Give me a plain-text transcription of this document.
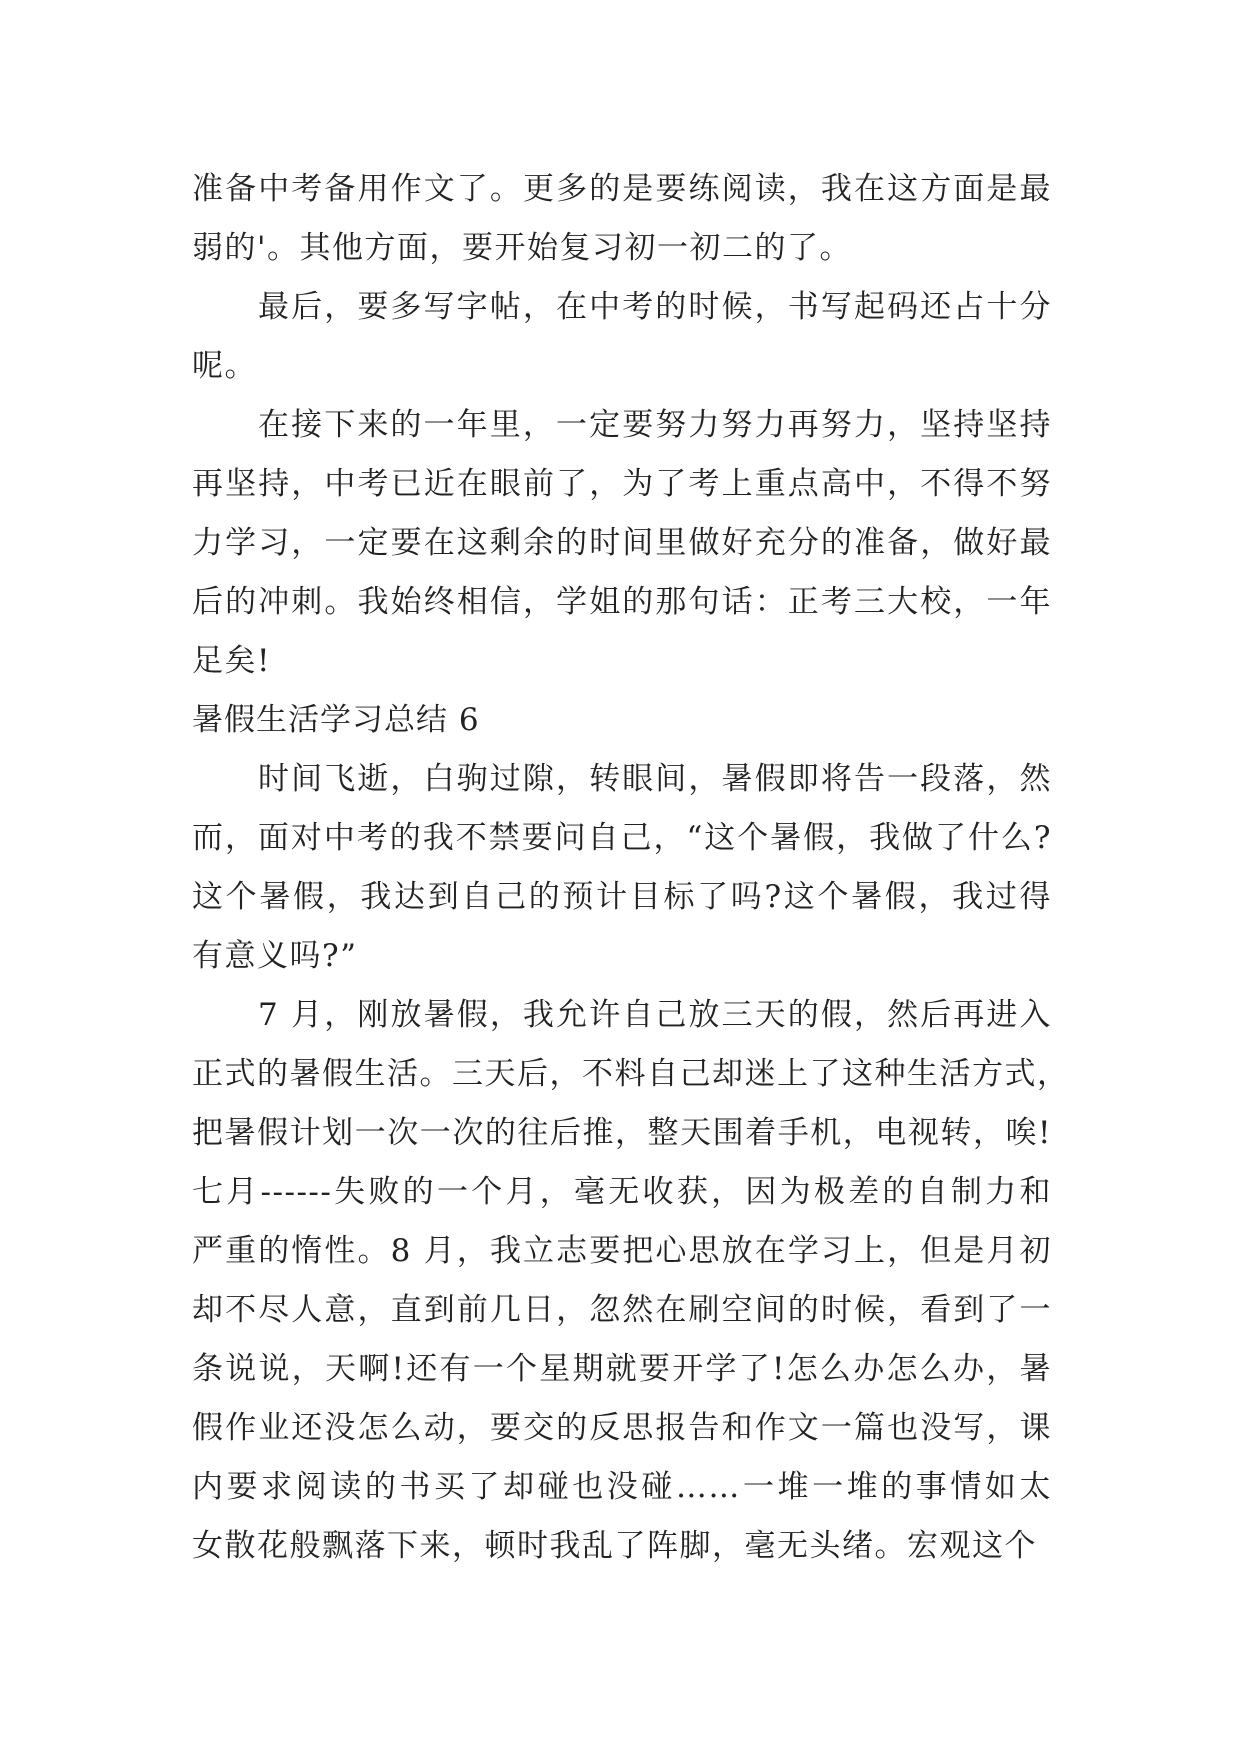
准备中考备用作文了。更多的是要练阅读，我在这方面是最
弱的'。其他方面，要开始复习初一初二的了。
最后，要多写字帖，在中考的时候，书写起码还占十分
呢。
在接下来的一年里，一定要努力努力再努力，坚持坚持
再坚持，中考已近在眼前了，为了考上重点高中，不得不努
力学习，一定要在这剩余的时间里做好充分的准备，做好最
后的冲刺。我始终相信，学姐的那句话：正考三大校，一年
足矣!
暑假生活学习总结 6
时间飞逝，白驹过隙，转眼间，暑假即将告一段落，然
而，面对中考的我不禁要问自己，“这个暑假，我做了什么?
这个暑假，我达到自己的预计目标了吗?这个暑假，我过得
有意义吗?”
7 月，刚放暑假，我允许自己放三天的假，然后再进入
正式的暑假生活。三天后，不料自己却迷上了这种生活方式，
把暑假计划一次一次的往后推，整天围着手机，电视转，唉!
七月------失败的一个月，毫无收获，因为极差的自制力和
严重的惰性。8 月，我立志要把心思放在学习上，但是月初
却不尽人意，直到前几日，忽然在刷空间的时候，看到了一
条说说，天啊!还有一个星期就要开学了!怎么办怎么办，暑
假作业还没怎么动，要交的反思报告和作文一篇也没写，课
内要求阅读的书买了却碰也没碰……一堆一堆的事情如太
女散花般飘落下来，顿时我乱了阵脚，毫无头绪。宏观这个
